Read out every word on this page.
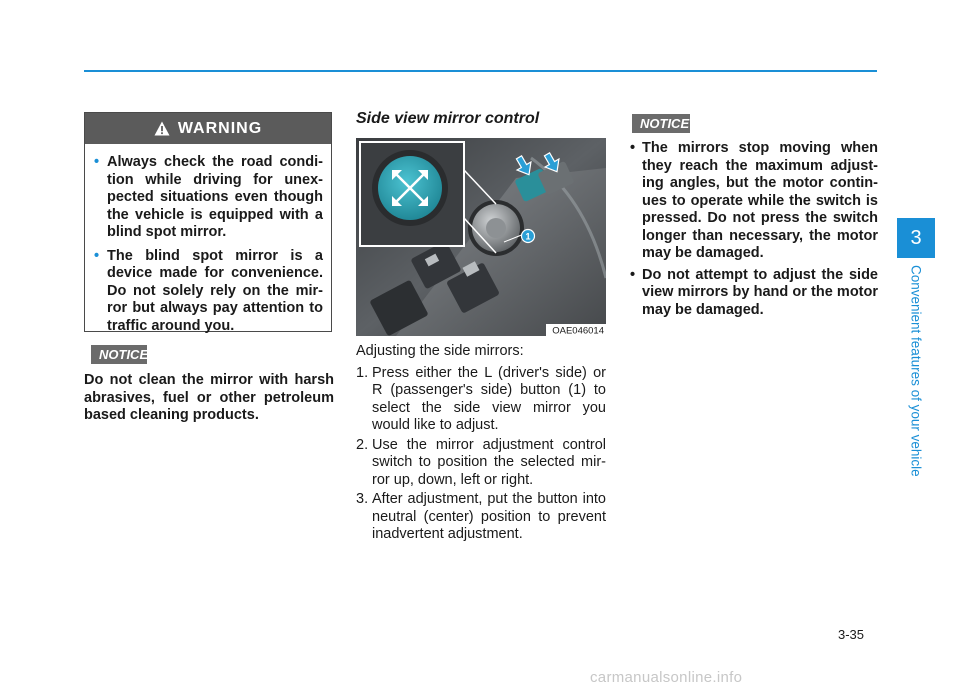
WARNING
• Always check the road condi-tion while driving for unex-pected situations even though the vehicle is equipped with a blind spot mirror.
• The blind spot mirror is a device made for convenience. Do not solely rely on the mir-ror but always pay attention to traffic around you.
NOTICE
Do not clean the mirror with harsh abrasives, fuel or other petroleum based cleaning products.
Side view mirror control
1
OAE046014

Adjusting the side mirrors:

1. Press either the L (driver's side) or R (passenger's side) button (1) to select the side view mirror you would like to adjust.
2. Use the mirror adjustment control switch to position the selected mir-ror up, down, left or right.
3. After adjustment, put the button into neutral (center) position to prevent inadvertent adjustment.
NOTICE
• The mirrors stop moving when they reach the maximum adjust-ing angles, but the motor contin-ues to operate while the switch is pressed. Do not press the switch longer than necessary, the motor may be damaged.
• Do not attempt to adjust the side view mirrors by hand or the motor may be damaged.
3
Convenient features of your vehicle
3-35
carmanualsonline.info
